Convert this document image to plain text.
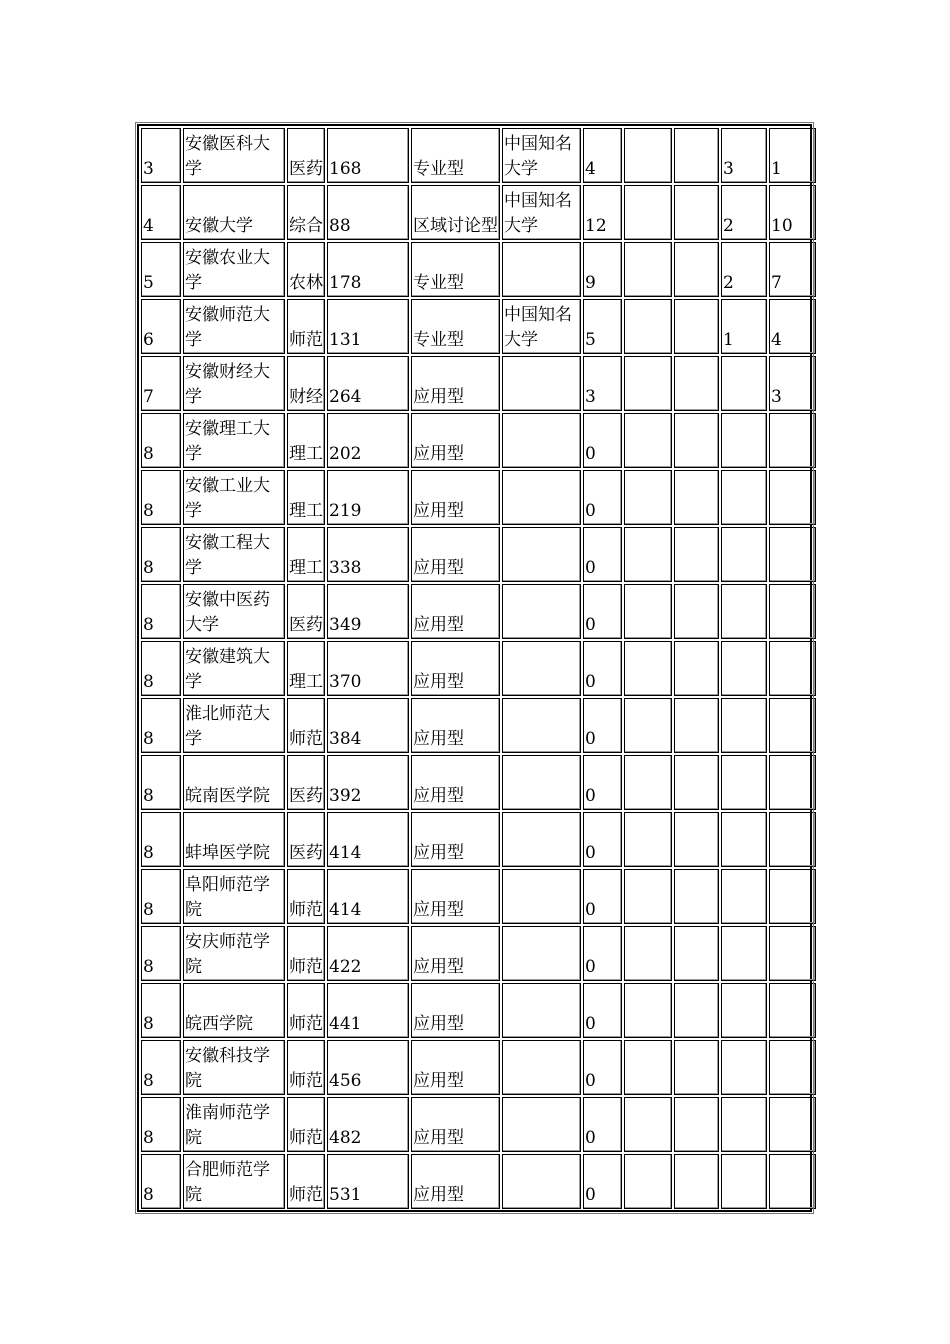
3	安徽医科大学	医药	168	专业型	中国知名大学	4			3	1
4	安徽大学	综合	88	区域讨论型	中国知名大学	12			2	10
5	安徽农业大学	农林	178	专业型		9			2	7
6	安徽师范大学	师范	131	专业型	中国知名大学	5			1	4
7	安徽财经大学	财经	264	应用型		3				3
8	安徽理工大学	理工	202	应用型		0				
8	安徽工业大学	理工	219	应用型		0				
8	安徽工程大学	理工	338	应用型		0				
8	安徽中医药大学	医药	349	应用型		0				
8	安徽建筑大学	理工	370	应用型		0				
8	淮北师范大学	师范	384	应用型		0				
8	皖南医学院	医药	392	应用型		0				
8	蚌埠医学院	医药	414	应用型		0				
8	阜阳师范学院	师范	414	应用型		0				
8	安庆师范学院	师范	422	应用型		0				
8	皖西学院	师范	441	应用型		0				
8	安徽科技学院	师范	456	应用型		0				
8	淮南师范学院	师范	482	应用型		0				
8	合肥师范学院	师范	531	应用型		0				
